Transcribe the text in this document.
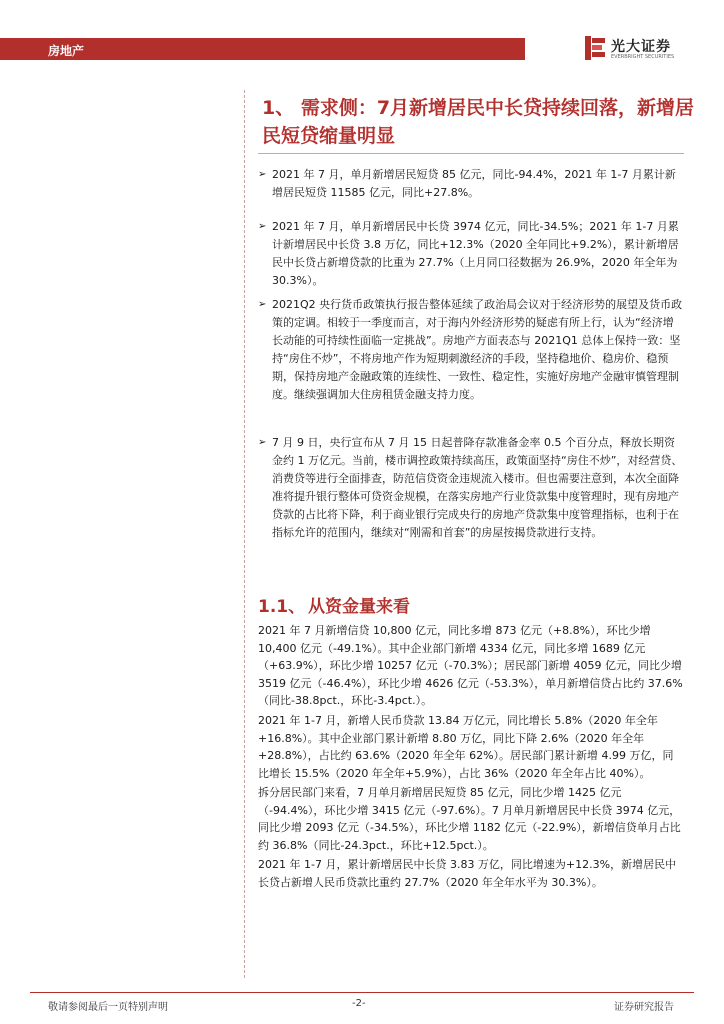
房地产	光大证券
EVERBRIGHT SECURITIES
1、 需求侧：7月新增居民中长贷持续回落，新增居民短贷缩量明显
➢ 2021 年 7 月，单月新增居民短贷 85 亿元，同比-94.4%，2021 年 1-7 月累计新增居民短贷 11585 亿元，同比+27.8%。
➢ 2021 年 7 月，单月新增居民中长贷 3974 亿元，同比-34.5%；2021 年 1-7 月累计新增居民中长贷 3.8 万亿，同比+12.3%（2020 全年同比+9.2%），累计新增居民中长贷占新增贷款的比重为 27.7%（上月同口径数据为 26.9%，2020 年全年为 30.3%）。
➢ 2021Q2 央行货币政策执行报告整体延续了政治局会议对于经济形势的展望及货币政策的定调。相较于一季度而言，对于海内外经济形势的疑虑有所上行，认为“经济增长动能的可持续性面临一定挑战”。房地产方面表态与 2021Q1 总体上保持一致：坚持“房住不炒”，不将房地产作为短期刺激经济的手段，坚持稳地价、稳房价、稳预期，保持房地产金融政策的连续性、一致性、稳定性，实施好房地产金融审慎管理制度。继续强调加大住房租赁金融支持力度。
➢ 7 月 9 日，央行宣布从 7 月 15 日起普降存款准备金率 0.5 个百分点，释放长期资金约 1 万亿元。当前，楼市调控政策持续高压，政策面坚持“房住不炒”，对经营贷、消费贷等进行全面排查，防范信贷资金违规流入楼市。但也需要注意到，本次全面降准将提升银行整体可贷资金规模，在落实房地产行业贷款集中度管理时，现有房地产贷款的占比将下降，利于商业银行完成央行的房地产贷款集中度管理指标，也利于在指标允许的范围内，继续对“刚需和首套”的房屋按揭贷款进行支持。
1.1、 从资金量来看
2021 年 7 月新增信贷 10,800 亿元，同比多增 873 亿元（+8.8%），环比少增 10,400 亿元（-49.1%）。其中企业部门新增 4334 亿元，同比多增 1689 亿元（+63.9%），环比少增 10257 亿元（-70.3%）；居民部门新增 4059 亿元，同比少增 3519 亿元（-46.4%），环比少增 4626 亿元（-53.3%），单月新增信贷占比约 37.6%（同比-38.8pct.，环比-3.4pct.）。
2021 年 1-7 月，新增人民币贷款 13.84 万亿元，同比增长 5.8%（2020 年全年+16.8%）。其中企业部门累计新增 8.80 万亿，同比下降 2.6%（2020 年全年+28.8%），占比约 63.6%（2020 年全年 62%）。居民部门累计新增 4.99 万亿，同比增长 15.5%（2020 年全年+5.9%），占比 36%（2020 年全年占比 40%）。
拆分居民部门来看，7 月单月新增居民短贷 85 亿元，同比少增 1425 亿元（-94.4%），环比少增 3415 亿元（-97.6%）。7 月单月新增居民中长贷 3974 亿元，同比少增 2093 亿元（-34.5%），环比少增 1182 亿元（-22.9%），新增信贷单月占比约 36.8%（同比-24.3pct.，环比+12.5pct.）。
2021 年 1-7 月，累计新增居民中长贷 3.83 万亿，同比增速为+12.3%，新增居民中长贷占新增人民币贷款比重约 27.7%（2020 年全年水平为 30.3%）。
敬请参阅最后一页特别声明	-2-	证券研究报告
